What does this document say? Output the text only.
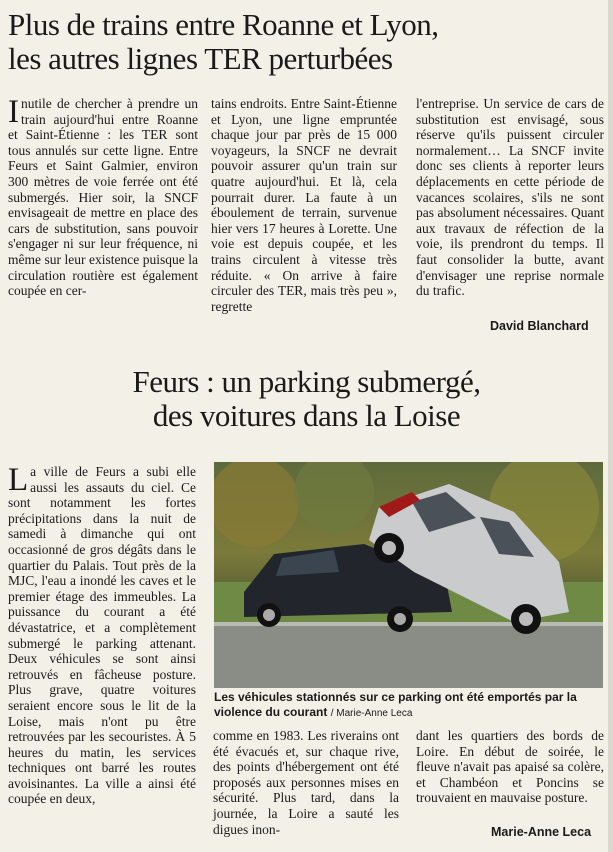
Plus de trains entre Roanne et Lyon,
les autres lignes TER perturbées
Inutile de chercher à prendre un train aujourd'hui entre Roanne et Saint-Étienne : les TER sont tous annulés sur cette ligne. Entre Feurs et Saint Galmier, environ 300 mètres de voie ferrée ont été submergés. Hier soir, la SNCF envisageait de mettre en place des cars de substitution, sans pouvoir s'engager ni sur leur fréquence, ni même sur leur existence puisque la circulation routière est également coupée en cer-

tains endroits. Entre Saint-Étienne et Lyon, une ligne empruntée chaque jour par près de 15 000 voyageurs, la SNCF ne devrait pouvoir assurer qu'un train sur quatre aujourd'hui. Et là, cela pourrait durer. La faute à un éboulement de terrain, survenue hier vers 17 heures à Lorette. Une voie est depuis coupée, et les trains circulent à vitesse très réduite. « On arrive à faire circuler des TER, mais très peu », regrette

l'entreprise. Un service de cars de substitution est envisagé, sous réserve qu'ils puissent circuler normalement… La SNCF invite donc ses clients à reporter leurs déplacements en cette période de vacances scolaires, s'ils ne sont pas absolument nécessaires. Quant aux travaux de réfection de la voie, ils prendront du temps. Il faut consolider la butte, avant d'envisager une reprise normale du trafic.

David Blanchard
Feurs : un parking submergé,
des voitures dans la Loise
La ville de Feurs a subi elle aussi les assauts du ciel. Ce sont notamment les fortes précipitations dans la nuit de samedi à dimanche qui ont occasionné de gros dégâts dans le quartier du Palais. Tout près de la MJC, l'eau a inondé les caves et le premier étage des immeubles. La puissance du courant a été dévastatrice, et a complètement submergé le parking attenant. Deux véhicules se sont ainsi retrouvés en fâcheuse posture. Plus grave, quatre voitures seraient encore sous le lit de la Loise, mais n'ont pu être retrouvées par les secouristes. À 5 heures du matin, les services techniques ont barré les routes avoisinantes. La ville a ainsi été coupée en deux,
Les véhicules stationnés sur ce parking ont été emportés par la violence du courant / Marie-Anne Leca

comme en 1983. Les riverains ont été évacués et, sur chaque rive, des points d'hébergement ont été proposés aux personnes mises en sécurité. Plus tard, dans la journée, la Loire a sauté les digues inon-

dant les quartiers des bords de Loire. En début de soirée, le fleuve n'avait pas apaisé sa colère, et Chambéon et Poncins se trouvaient en mauvaise posture.

Marie-Anne Leca
